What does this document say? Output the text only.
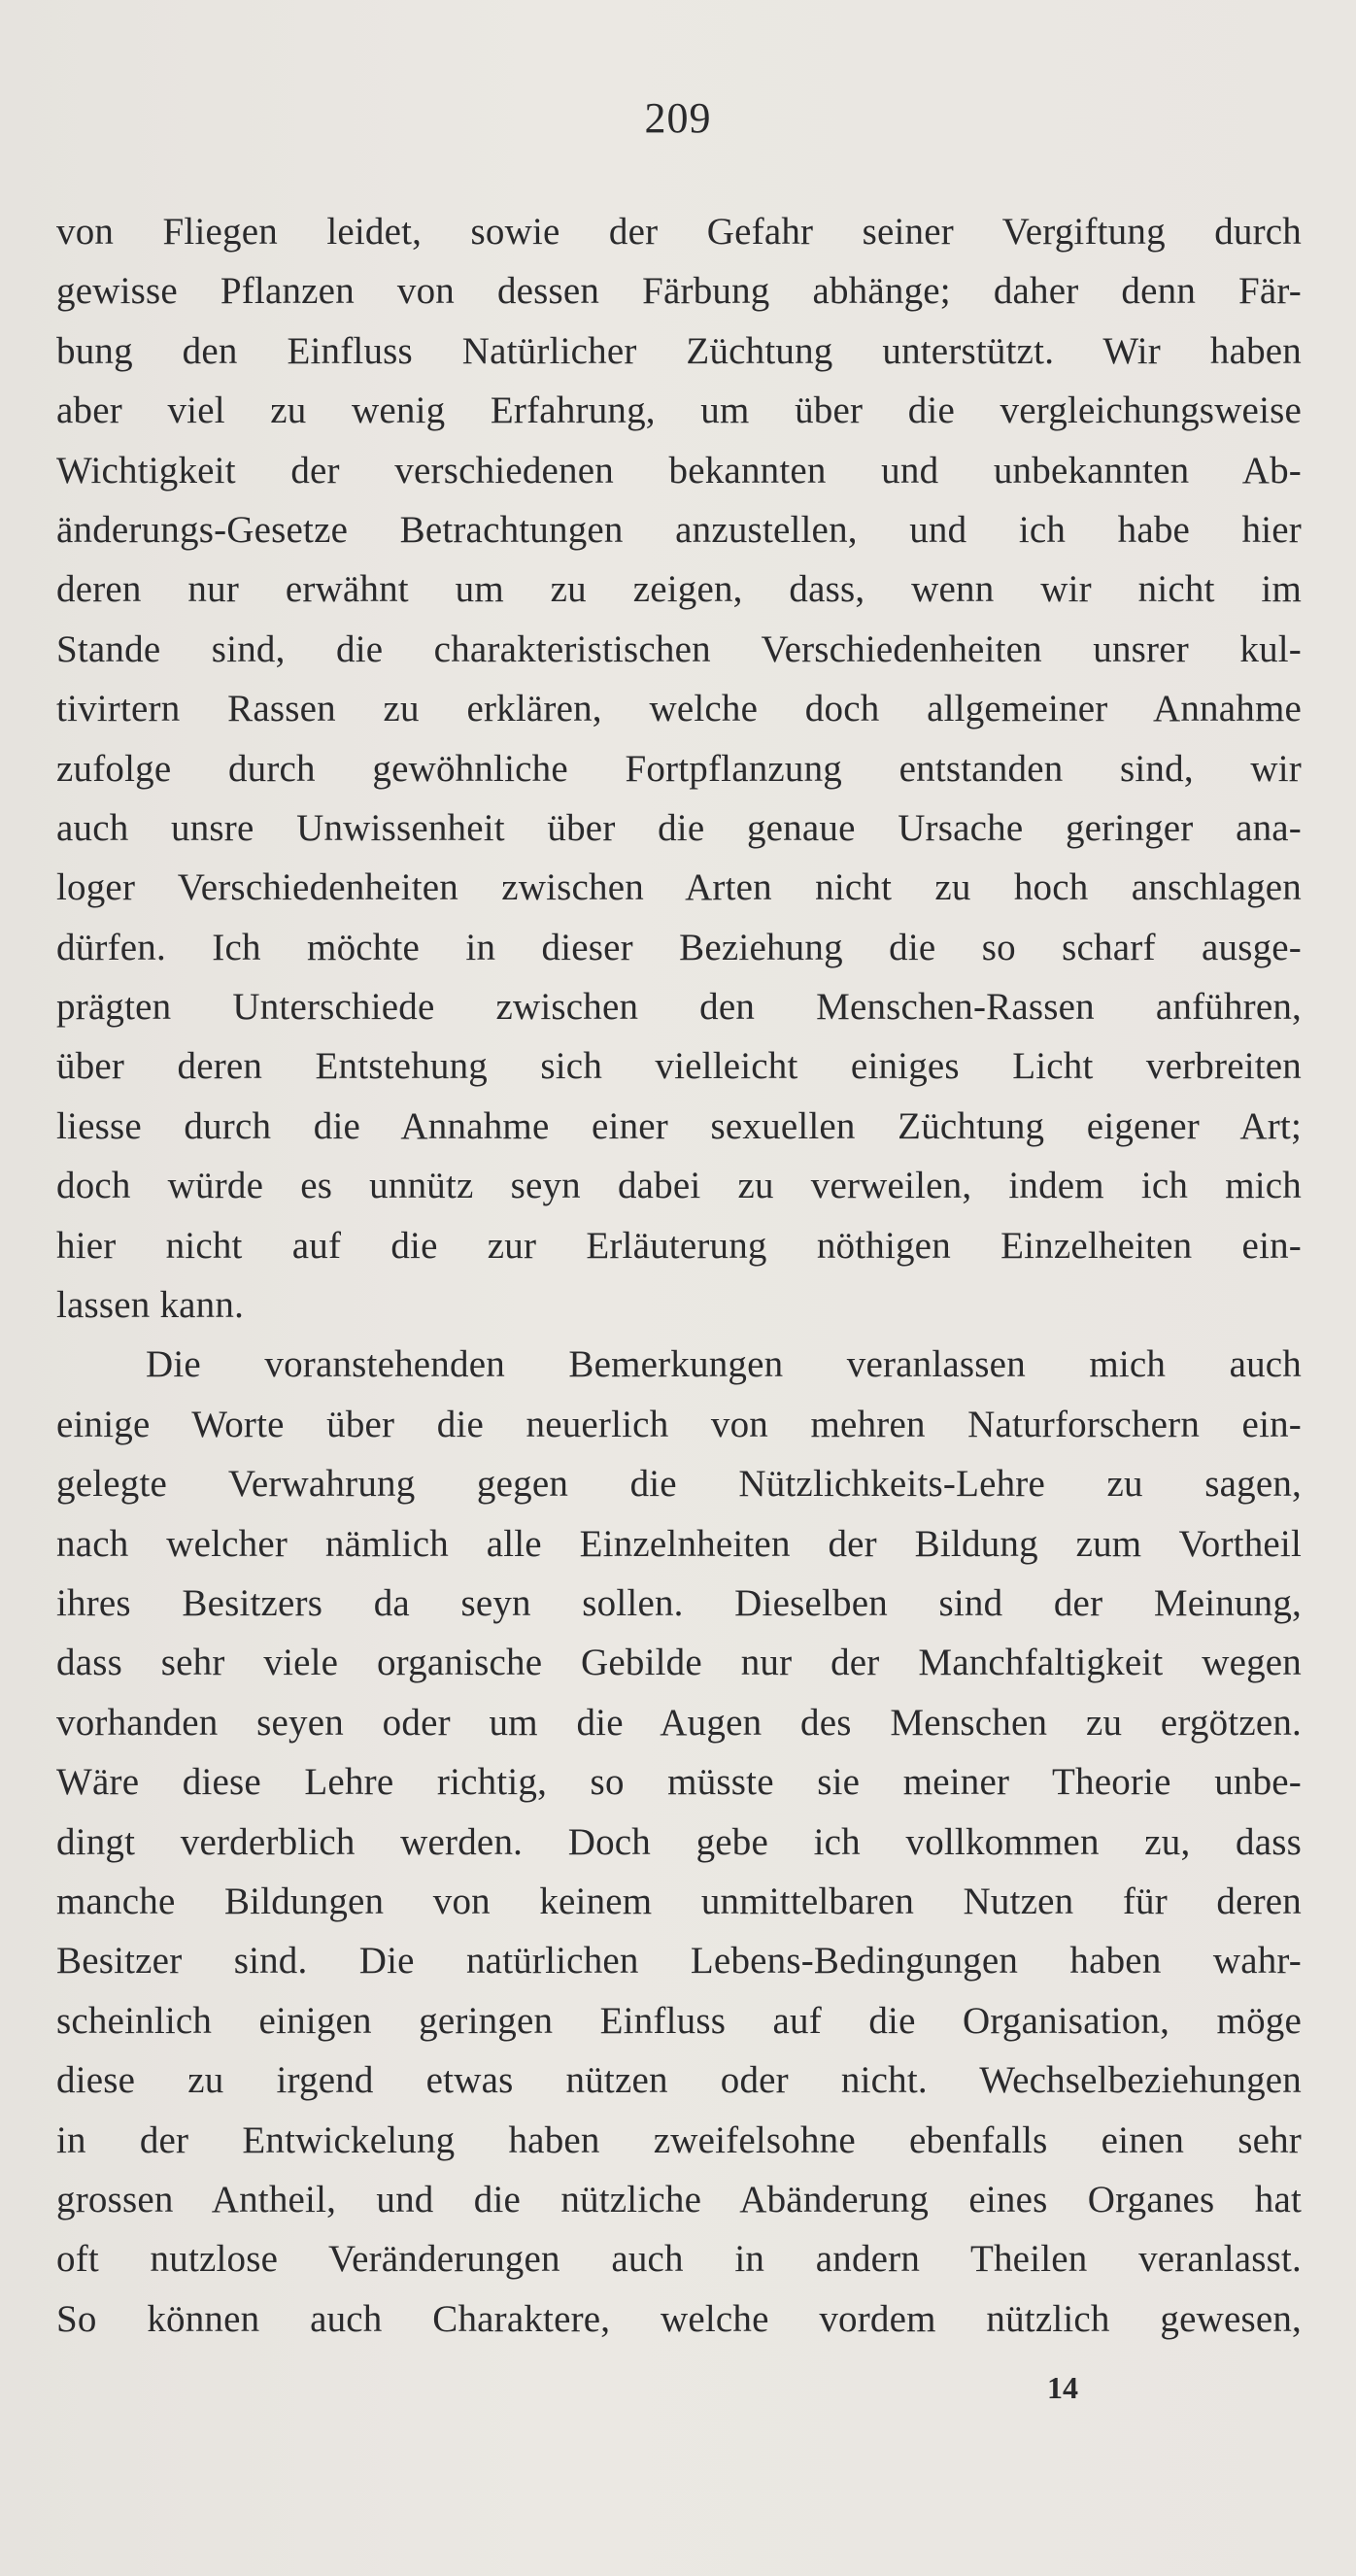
209
von Fliegen leidet, sowie der Gefahr seiner Vergiftung durch
gewisse Pflanzen von dessen Färbung abhänge; daher denn Fär-
bung den Einfluss Natürlicher Züchtung unterstützt. Wir haben
aber viel zu wenig Erfahrung, um über die vergleichungsweise
Wichtigkeit der verschiedenen bekannten und unbekannten Ab-
änderungs-Gesetze Betrachtungen anzustellen, und ich habe hier
deren nur erwähnt um zu zeigen, dass, wenn wir nicht im
Stande sind, die charakteristischen Verschiedenheiten unsrer kul-
tivirtern Rassen zu erklären, welche doch allgemeiner Annahme
zufolge durch gewöhnliche Fortpflanzung entstanden sind, wir
auch unsre Unwissenheit über die genaue Ursache geringer ana-
loger Verschiedenheiten zwischen Arten nicht zu hoch anschlagen
dürfen. Ich möchte in dieser Beziehung die so scharf ausge-
prägten Unterschiede zwischen den Menschen-Rassen anführen,
über deren Entstehung sich vielleicht einiges Licht verbreiten
liesse durch die Annahme einer sexuellen Züchtung eigener Art;
doch würde es unnütz seyn dabei zu verweilen, indem ich mich
hier nicht auf die zur Erläuterung nöthigen Einzelheiten ein-
lassen kann.
Die voranstehenden Bemerkungen veranlassen mich auch
einige Worte über die neuerlich von mehren Naturforschern ein-
gelegte Verwahrung gegen die Nützlichkeits-Lehre zu sagen,
nach welcher nämlich alle Einzelnheiten der Bildung zum Vortheil
ihres Besitzers da seyn sollen. Dieselben sind der Meinung,
dass sehr viele organische Gebilde nur der Manchfaltigkeit wegen
vorhanden seyen oder um die Augen des Menschen zu ergötzen.
Wäre diese Lehre richtig, so müsste sie meiner Theorie unbe-
dingt verderblich werden. Doch gebe ich vollkommen zu, dass
manche Bildungen von keinem unmittelbaren Nutzen für deren
Besitzer sind. Die natürlichen Lebens-Bedingungen haben wahr-
scheinlich einigen geringen Einfluss auf die Organisation, möge
diese zu irgend etwas nützen oder nicht. Wechselbeziehungen
in der Entwickelung haben zweifelsohne ebenfalls einen sehr
grossen Antheil, und die nützliche Abänderung eines Organes hat
oft nutzlose Veränderungen auch in andern Theilen veranlasst.
So können auch Charaktere, welche vordem nützlich gewesen,
14
